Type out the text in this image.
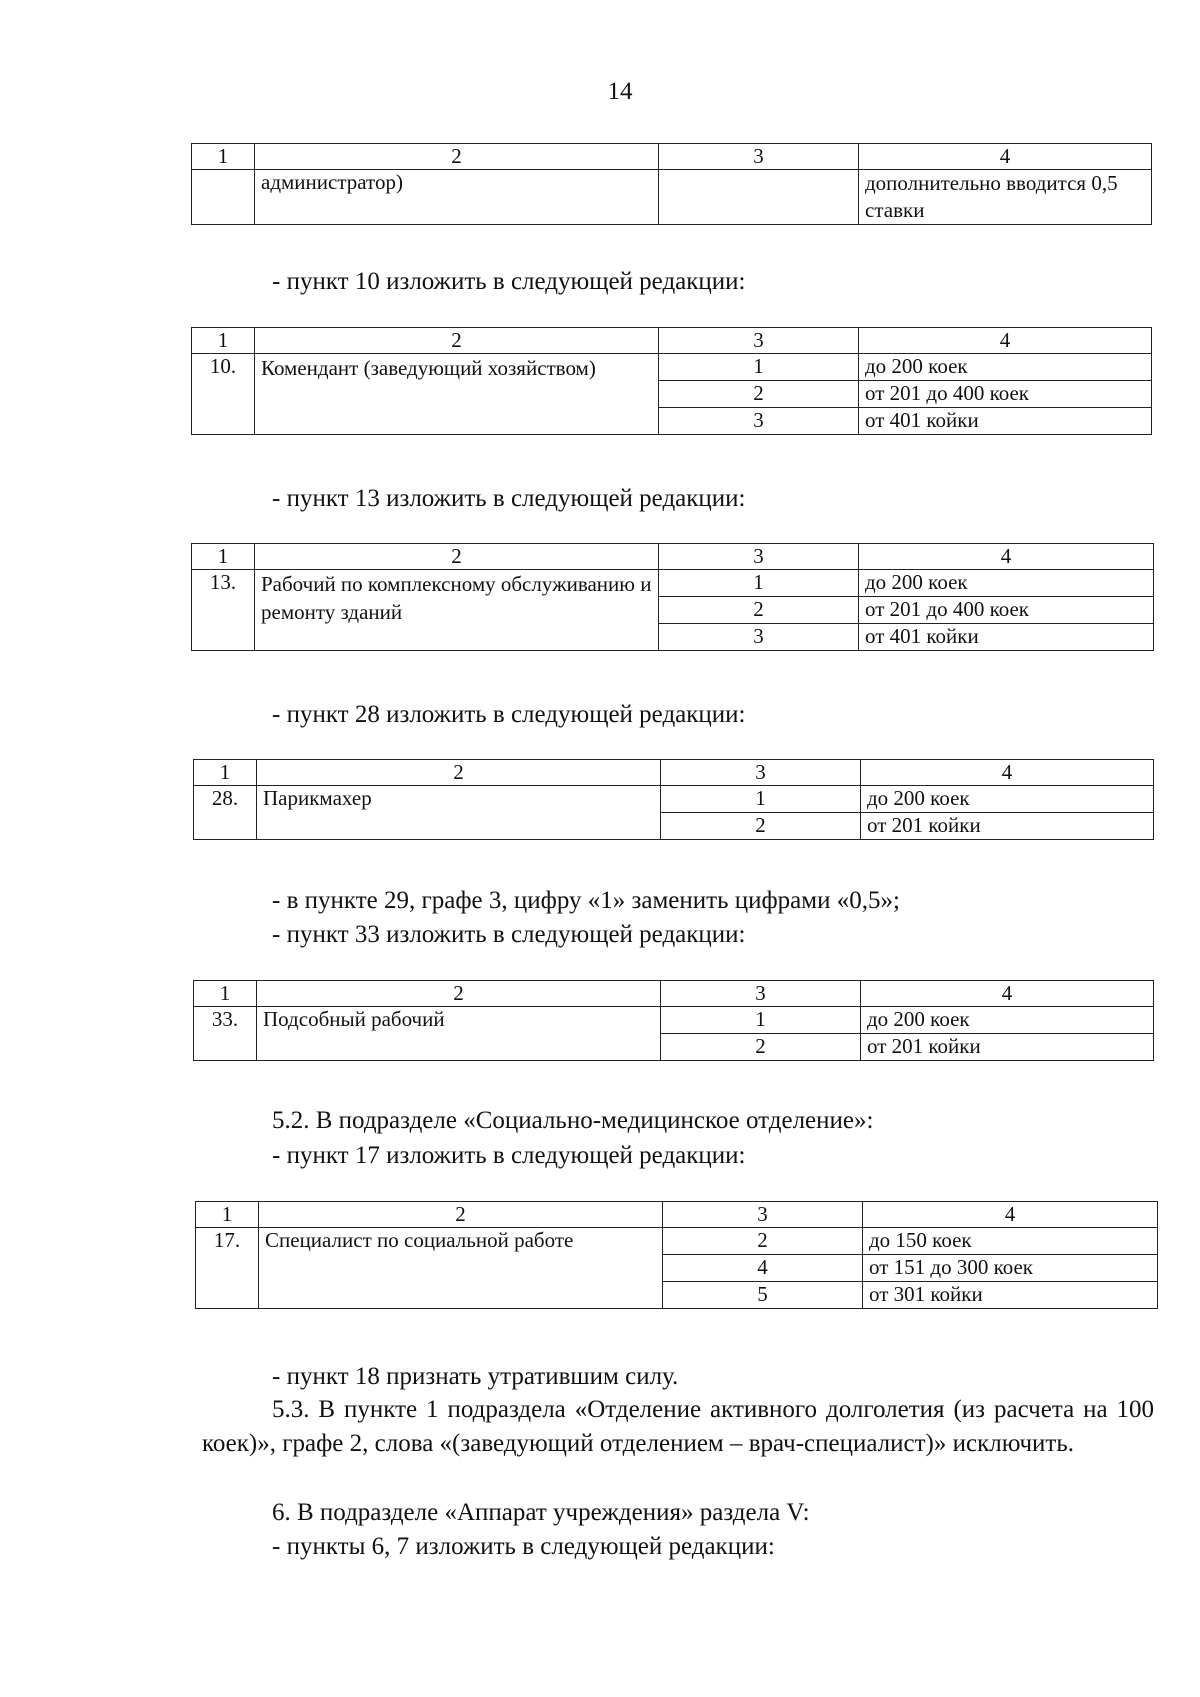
14
1	2	3	4
	администратор)		дополнительно вводится 0,5 ставки
- пункт 10 изложить в следующей редакции:
1	2	3	4
10.	Комендант (заведующий хозяйством)	1	до 200 коек
		2	от 201 до 400 коек
		3	от 401 койки
- пункт 13 изложить в следующей редакции:
1	2	3	4
13.	Рабочий по комплексному обслуживанию и ремонту зданий	1	до 200 коек
		2	от 201 до 400 коек
		3	от 401 койки
- пункт 28 изложить в следующей редакции:
1	2	3	4
28.	Парикмахер	1	до 200 коек
		2	от 201 койки
- в пункте 29, графе 3, цифру «1» заменить цифрами «0,5»;
- пункт 33 изложить в следующей редакции:
1	2	3	4
33.	Подсобный рабочий	1	до 200 коек
		2	от 201 койки
5.2. В подразделе «Социально-медицинское отделение»:
- пункт 17 изложить в следующей редакции:
1	2	3	4
17.	Специалист по социальной работе	2	до 150 коек
		4	от 151 до 300 коек
		5	от 301 койки
- пункт 18 признать утратившим силу.
5.3. В пункте 1 подраздела «Отделение активного долголетия (из расчета на 100 коек)», графе 2, слова «(заведующий отделением – врач-специалист)» исключить.
6. В подразделе «Аппарат учреждения» раздела V:
- пункты 6, 7 изложить в следующей редакции:
